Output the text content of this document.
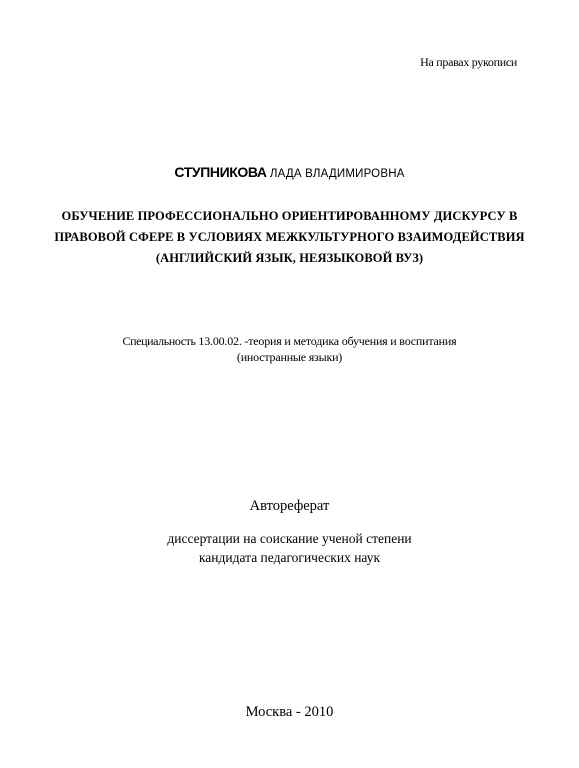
На правах рукописи
СТУПНИКОВА ЛАДА ВЛАДИМИРОВНА
ОБУЧЕНИЕ ПРОФЕССИОНАЛЬНО ОРИЕНТИРОВАННОМУ ДИСКУРСУ В
ПРАВОВОЙ СФЕРЕ В УСЛОВИЯХ МЕЖКУЛЬТУРНОГО ВЗАИМОДЕЙСТВИЯ
(АНГЛИЙСКИЙ ЯЗЫК, НЕЯЗЫКОВОЙ ВУЗ)
Специальность 13.00.02. -теория и методика обучения и воспитания
(иностранные языки)
Автореферат
диссертации на соискание ученой степени
кандидата педагогических наук
Москва - 2010
